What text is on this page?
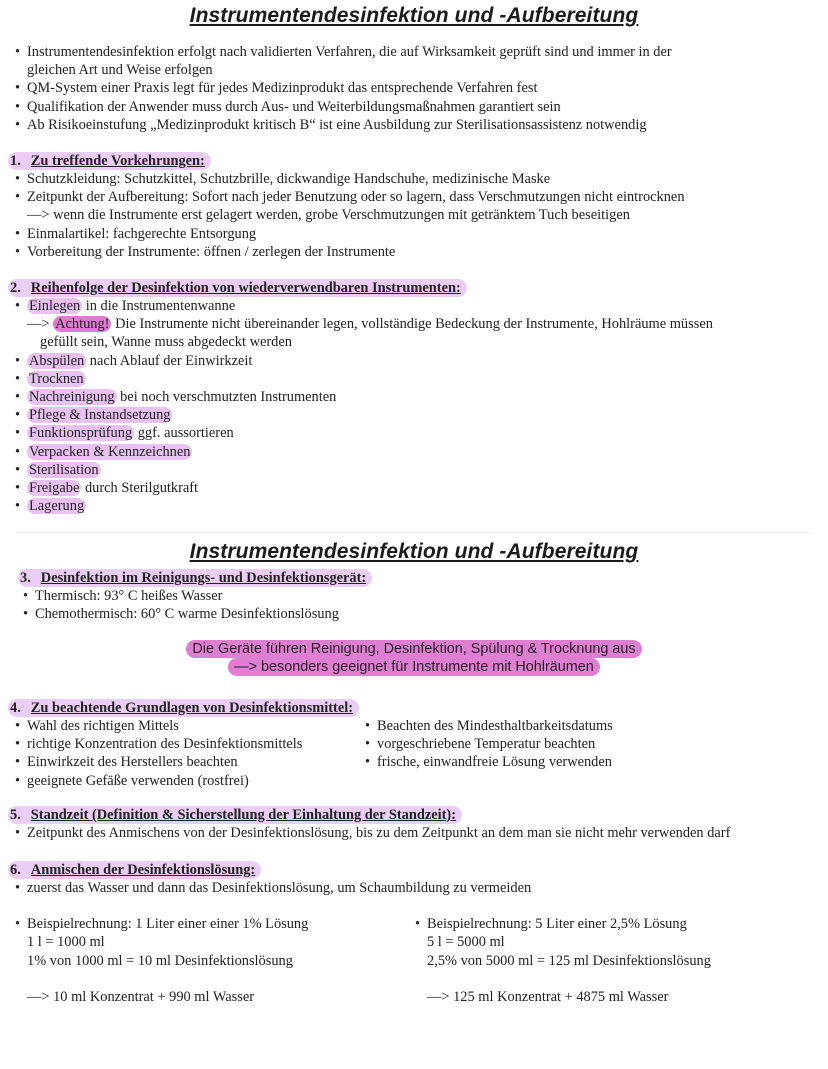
Instrumentendesinfektion und -Aufbereitung
• Instrumentendesinfektion erfolgt nach validierten Verfahren, die auf Wirksamkeit geprüft sind und immer in der
gleichen Art und Weise erfolgen
• QM-System einer Praxis legt für jedes Medizinprodukt das entsprechende Verfahren fest
• Qualifikation der Anwender muss durch Aus- und Weiterbildungsmaßnahmen garantiert sein
• Ab Risikoeinstufung „Medizinprodukt kritisch B“ ist eine Ausbildung zur Sterilisationsassistenz notwendig
1. Zu treffende Vorkehrungen:
• Schutzkleidung: Schutzkittel, Schutzbrille, dickwandige Handschuhe, medizinische Maske
• Zeitpunkt der Aufbereitung: Sofort nach jeder Benutzung oder so lagern, dass Verschmutzungen nicht eintrocknen
—> wenn die Instrumente erst gelagert werden, grobe Verschmutzungen mit getränktem Tuch beseitigen
• Einmalartikel: fachgerechte Entsorgung
• Vorbereitung der Instrumente: öffnen / zerlegen der Instrumente
2. Reihenfolge der Desinfektion von wiederverwendbaren Instrumenten:
• Einlegen in die Instrumentenwanne
—> Achtung! Die Instrumente nicht übereinander legen, vollständige Bedeckung der Instrumente, Hohlräume müssen
gefüllt sein, Wanne muss abgedeckt werden
• Abspülen nach Ablauf der Einwirkzeit
• Trocknen
• Nachreinigung bei noch verschmutzten Instrumenten
• Pflege & Instandsetzung
• Funktionsprüfung ggf. aussortieren
• Verpacken & Kennzeichnen
• Sterilisation
• Freigabe durch Sterilgutkraft
• Lagerung
Instrumentendesinfektion und -Aufbereitung
3. Desinfektion im Reinigungs- und Desinfektionsgerät:
• Thermisch: 93° C heißes Wasser
• Chemothermisch: 60° C warme Desinfektionslösung
Die Geräte führen Reinigung, Desinfektion, Spülung & Trocknung aus
—> besonders geeignet für Instrumente mit Hohlräumen
4. Zu beachtende Grundlagen von Desinfektionsmittel:
• Wahl des richtigen Mittels
• richtige Konzentration des Desinfektionsmittels
• Einwirkzeit des Herstellers beachten
• geeignete Gefäße verwenden (rostfrei)
• Beachten des Mindesthaltbarkeitsdatums
• vorgeschriebene Temperatur beachten
• frische, einwandfreie Lösung verwenden
5. Standzeit (Definition & Sicherstellung der Einhaltung der Standzeit):
• Zeitpunkt des Anmischens von der Desinfektionslösung, bis zu dem Zeitpunkt an dem man sie nicht mehr verwenden darf
6. Anmischen der Desinfektionslösung:
• zuerst das Wasser und dann das Desinfektionslösung, um Schaumbildung zu vermeiden
• Beispielrechnung: 1 Liter einer einer 1% Lösung
1 l = 1000 ml
1% von 1000 ml = 10 ml Desinfektionslösung
—> 10 ml Konzentrat + 990 ml Wasser
• Beispielrechnung: 5 Liter einer 2,5% Lösung
5 l = 5000 ml
2,5% von 5000 ml = 125 ml Desinfektionslösung
—> 125 ml Konzentrat + 4875 ml Wasser
